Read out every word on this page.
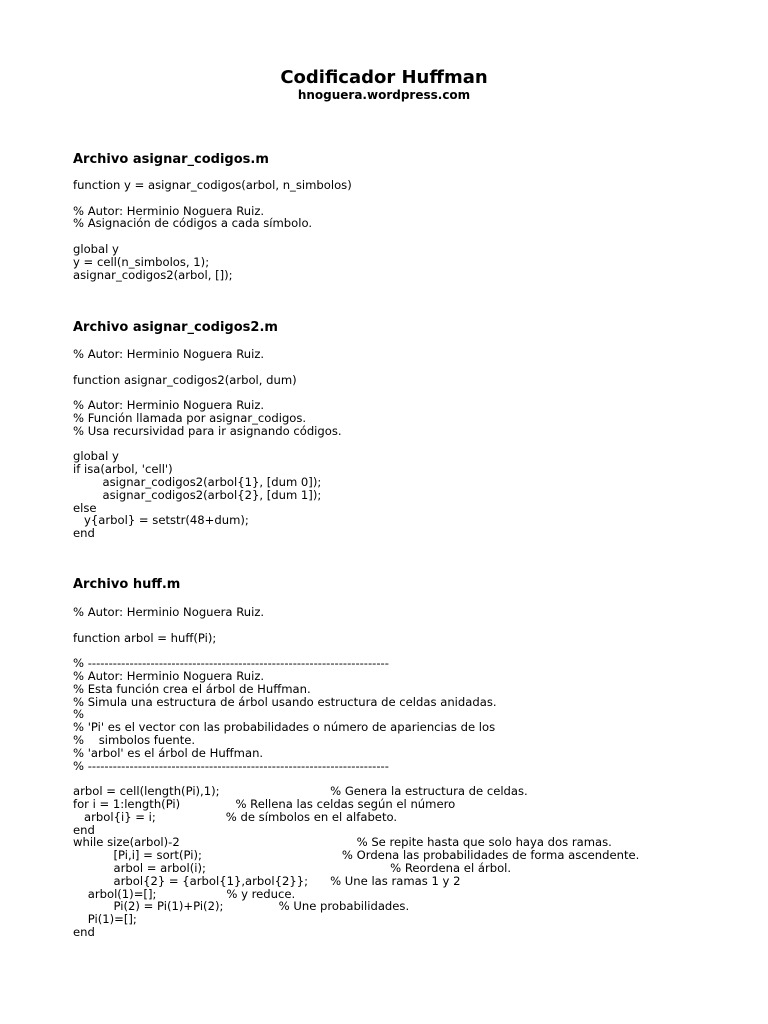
Codificador Huffman
hnoguera.wordpress.com
Archivo asignar_codigos.m
function y = asignar_codigos(arbol, n_simbolos)

% Autor: Herminio Noguera Ruiz.
% Asignación de códigos a cada símbolo.

global y
y = cell(n_simbolos, 1);
asignar_codigos2(arbol, []);
Archivo asignar_codigos2.m
% Autor: Herminio Noguera Ruiz.

function asignar_codigos2(arbol, dum)

% Autor: Herminio Noguera Ruiz.
% Función llamada por asignar_codigos.
% Usa recursividad para ir asignando códigos.

global y
if isa(arbol, 'cell')
asignar_codigos2(arbol{1}, [dum 0]);
asignar_codigos2(arbol{2}, [dum 1]);
else
y{arbol} = setstr(48+dum);
end
Archivo huff.m
% Autor: Herminio Noguera Ruiz.

function arbol = huff(Pi);

% ------------------------------------------------------------------------
% Autor: Herminio Noguera Ruiz.
% Esta función crea el árbol de Huffman.
% Simula una estructura de árbol usando estructura de celdas anidadas.
%
% 'Pi' es el vector con las probabilidades o número de apariencias de los
%    simbolos fuente.
% 'arbol' es el árbol de Huffman.
% ------------------------------------------------------------------------

arbol = cell(length(Pi),1);                              % Genera la estructura de celdas.
for i = 1:length(Pi)               % Rellena las celdas según el número
arbol{i} = i;                   % de símbolos en el alfabeto.
end
while size(arbol)-2                                                % Se repite hasta que solo haya dos ramas.
[Pi,i] = sort(Pi);                                      % Ordena las probabilidades de forma ascendente.
arbol = arbol(i);                                                  % Reordena el árbol.
arbol{2} = {arbol{1},arbol{2}};      % Une las ramas 1 y 2
arbol(1)=[];                   % y reduce.
Pi(2) = Pi(1)+Pi(2);               % Une probabilidades.
Pi(1)=[];
end
